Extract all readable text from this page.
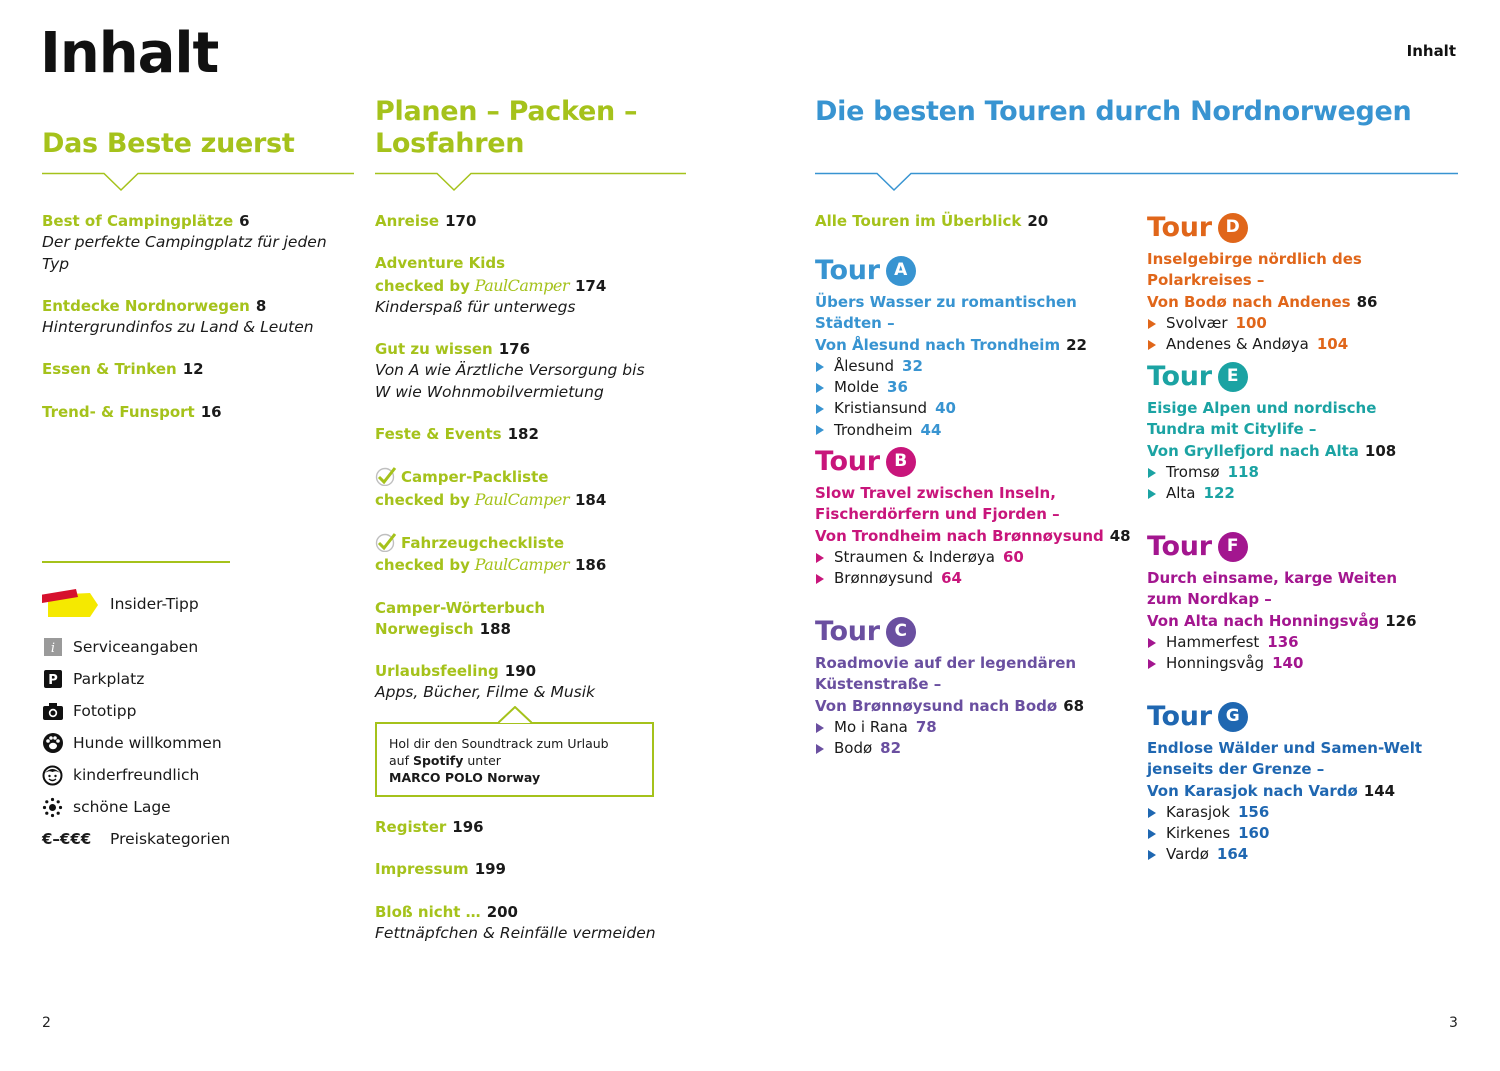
Inhalt	Inhalt
2	3
Das Beste zuerst
Best of Campingplätze 6
Der perfekte Campingplatz für jeden Typ
Entdecke Nordnorwegen 8
Hintergrundinfos zu Land & Leuten
Essen & Trinken 12
Trend- & Funsport 16
Insider-Tipp
i Serviceangaben
P Parkplatz
Fototipp
Hunde willkommen
kinderfreundlich
schöne Lage
€–€€€	Preiskategorien
Planen – Packen –
Losfahren
Anreise 170
Adventure Kids
checked by PaulCamper 174
Kinderspaß für unterwegs
Gut zu wissen 176
Von A wie Ärztliche Versorgung bis W wie Wohnmobilvermietung
Feste & Events 182
Camper-Packliste
checked by PaulCamper 184
Fahrzeugcheckliste
checked by PaulCamper 186
Camper-Wörterbuch
Norwegisch 188
Urlaubsfeeling 190
Apps, Bücher, Filme & Musik
Hol dir den Soundtrack zum Urlaub
auf Spotify unter
MARCO POLO Norway
Register 196
Impressum 199
Bloß nicht … 200
Fettnäpfchen & Reinfälle vermeiden
Die besten Touren durch Nordnorwegen
Alle Touren im Überblick 20
Tour A
Übers Wasser zu romantischen Städten –
Von Ålesund nach Trondheim 22
Ålesund 32
Molde 36
Kristiansund 40
Trondheim 44
Tour B
Slow Travel zwischen Inseln,
Fischerdörfern und Fjorden –
Von Trondheim nach Brønnøysund 48
Straumen & Inderøya 60
Brønnøysund 64
Tour C
Roadmovie auf der legendären
Küstenstraße –
Von Brønnøysund nach Bodø 68
Mo i Rana 78
Bodø 82
Tour D
Inselgebirge nördlich des Polarkreises –
Von Bodø nach Andenes 86
Svolvær 100
Andenes & Andøya 104
Tour E
Eisige Alpen und nordische
Tundra mit Citylife –
Von Gryllefjord nach Alta 108
Tromsø 118
Alta 122
Tour F
Durch einsame, karge Weiten
zum Nordkap –
Von Alta nach Honningsvåg 126
Hammerfest 136
Honningsvåg 140
Tour G
Endlose Wälder und Samen-Welt
jenseits der Grenze –
Von Karasjok nach Vardø 144
Karasjok 156
Kirkenes 160
Vardø 164
